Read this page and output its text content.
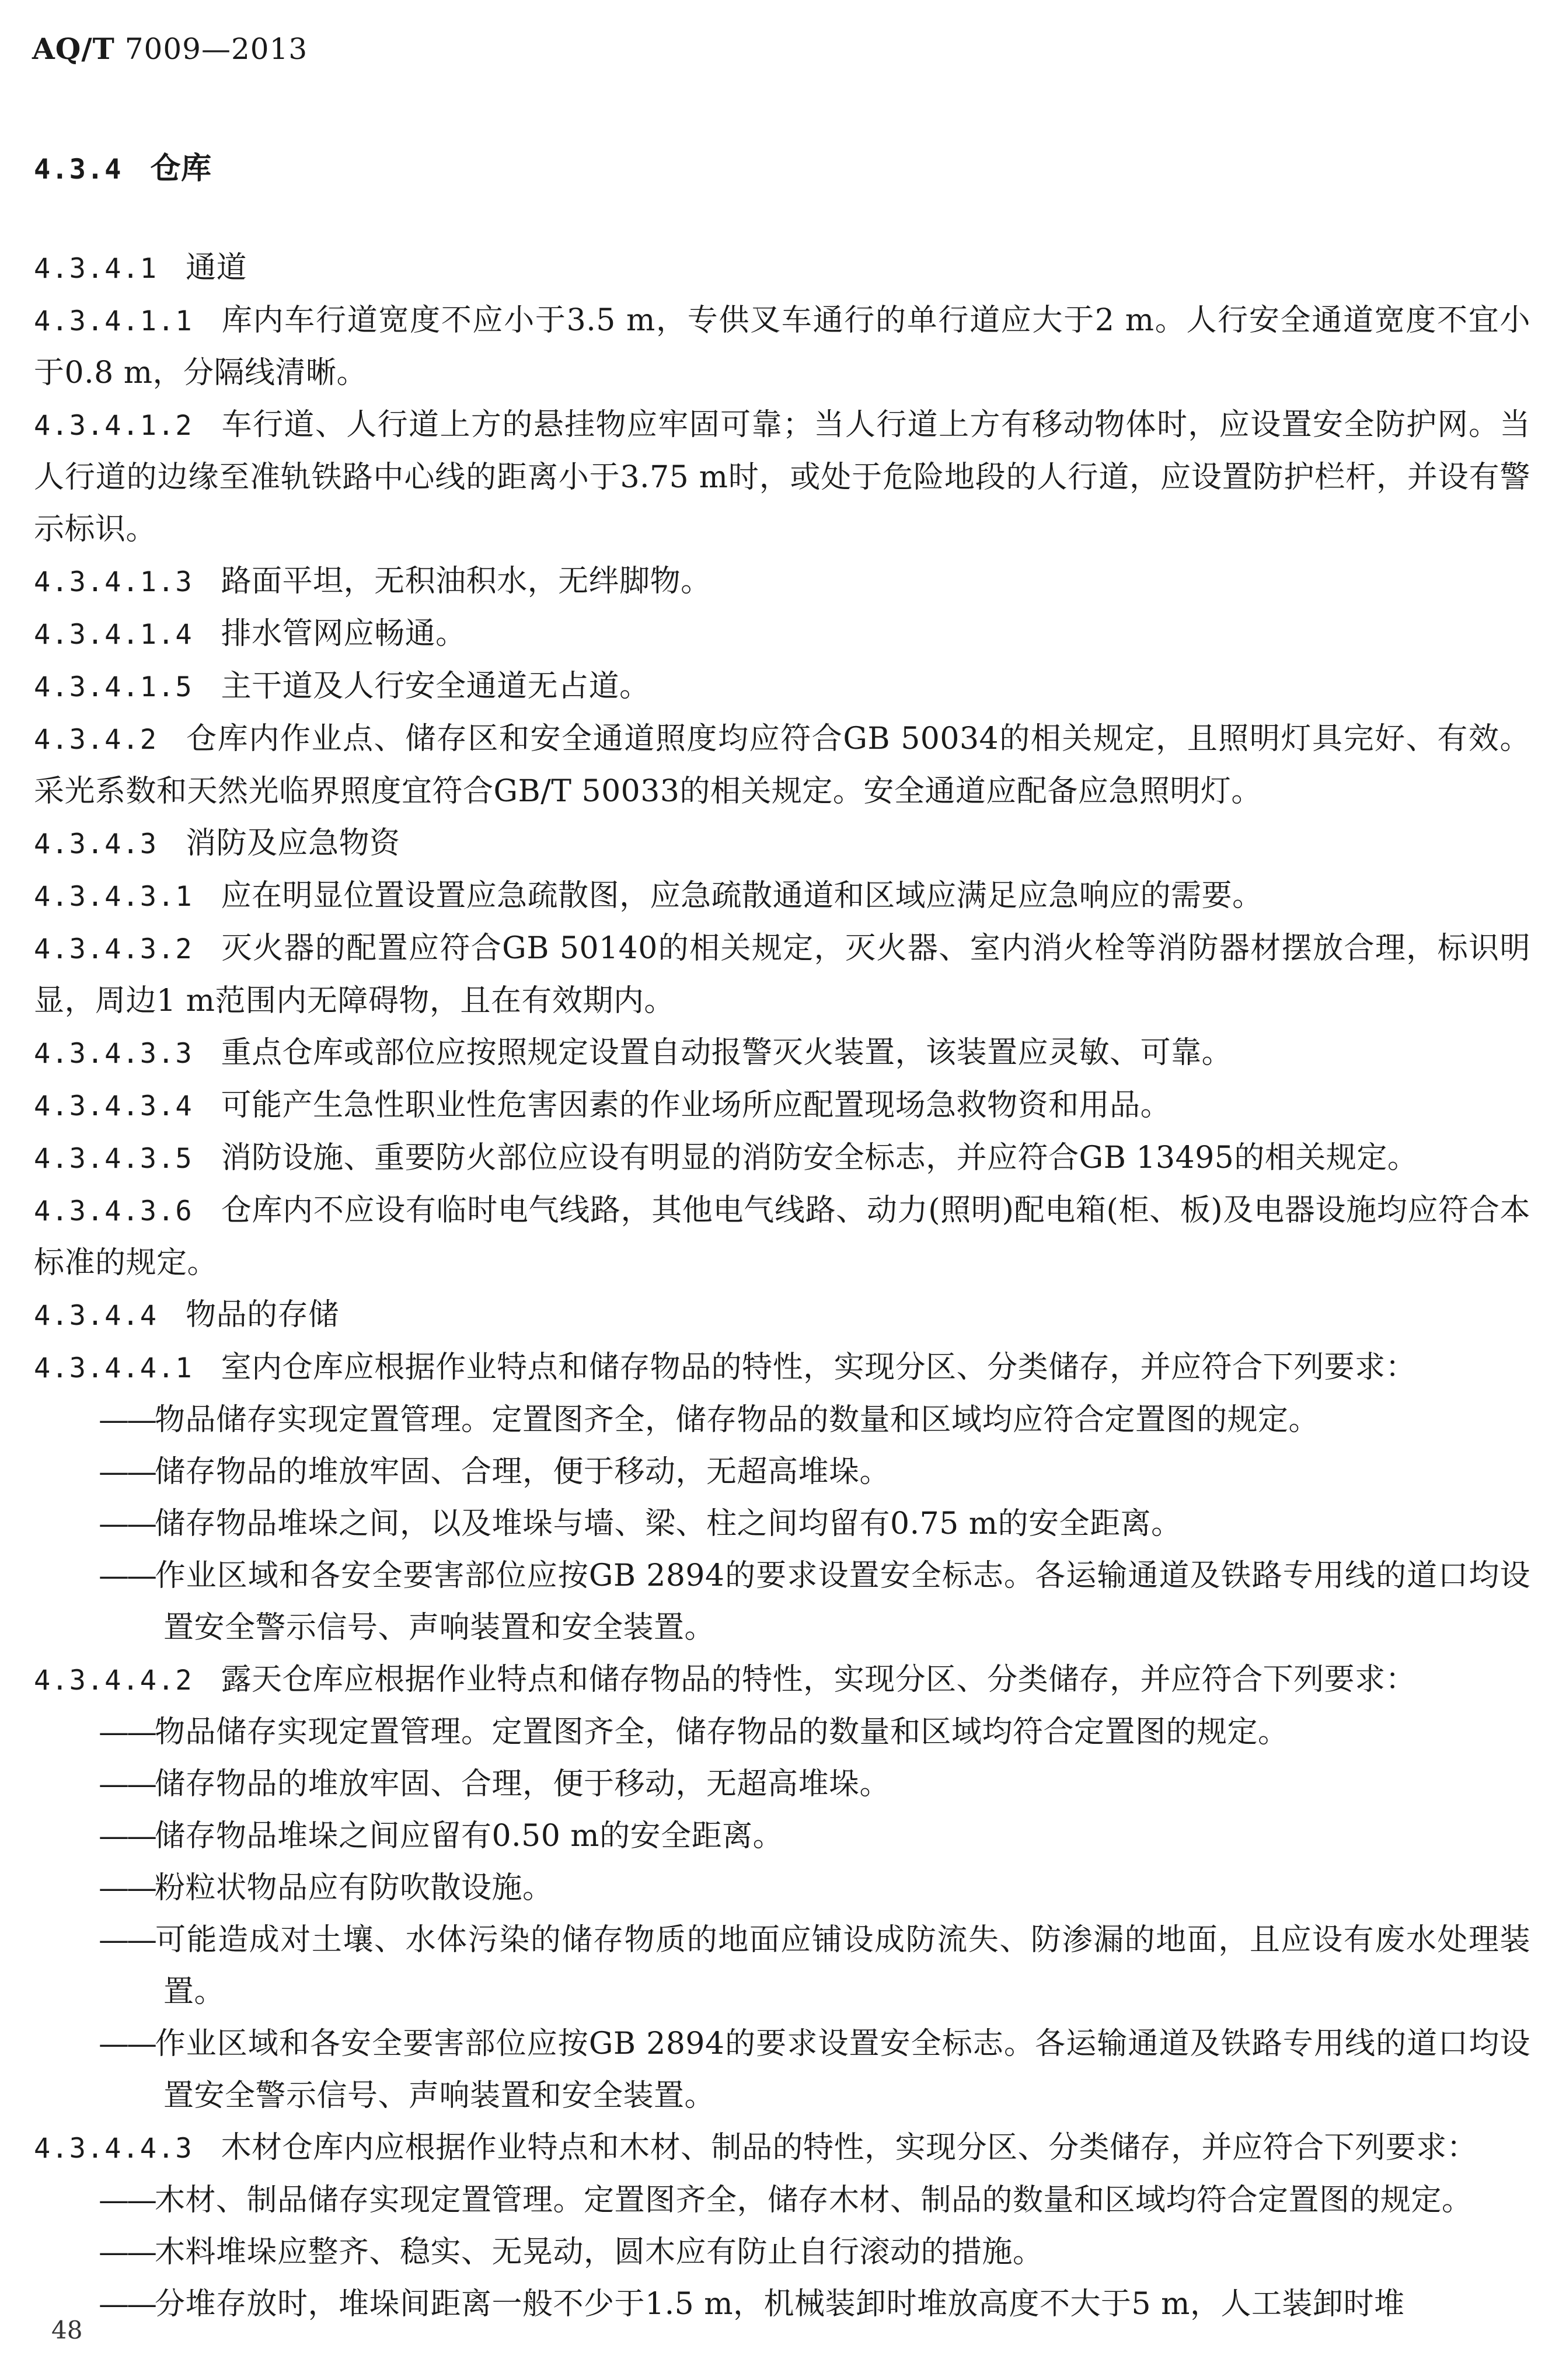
AQ/T 7009—2013

4.3.4 仓库

4.3.4.1 通道

4.3.4.1.1 库内车行道宽度不应小于3.5 m，专供叉车通行的单行道应大于2 m。人行安全通道宽度不宜小于0.8 m，分隔线清晰。

4.3.4.1.2 车行道、人行道上方的悬挂物应牢固可靠；当人行道上方有移动物体时，应设置安全防护网。当人行道的边缘至准轨铁路中心线的距离小于3.75 m时，或处于危险地段的人行道，应设置防护栏杆，并设有警示标识。

4.3.4.1.3 路面平坦，无积油积水，无绊脚物。

4.3.4.1.4 排水管网应畅通。

4.3.4.1.5 主干道及人行安全通道无占道。

4.3.4.2 仓库内作业点、储存区和安全通道照度均应符合GB 50034的相关规定，且照明灯具完好、有效。采光系数和天然光临界照度宜符合GB/T 50033的相关规定。安全通道应配备应急照明灯。

4.3.4.3 消防及应急物资

4.3.4.3.1 应在明显位置设置应急疏散图，应急疏散通道和区域应满足应急响应的需要。

4.3.4.3.2 灭火器的配置应符合GB 50140的相关规定，灭火器、室内消火栓等消防器材摆放合理，标识明显，周边1 m范围内无障碍物，且在有效期内。

4.3.4.3.3 重点仓库或部位应按照规定设置自动报警灭火装置，该装置应灵敏、可靠。

4.3.4.3.4 可能产生急性职业性危害因素的作业场所应配置现场急救物资和用品。

4.3.4.3.5 消防设施、重要防火部位应设有明显的消防安全标志，并应符合GB 13495的相关规定。

4.3.4.3.6 仓库内不应设有临时电气线路，其他电气线路、动力(照明)配电箱(柜、板)及电器设施均应符合本标准的规定。

4.3.4.4 物品的存储

4.3.4.4.1 室内仓库应根据作业特点和储存物品的特性，实现分区、分类储存，并应符合下列要求：

——物品储存实现定置管理。定置图齐全，储存物品的数量和区域均应符合定置图的规定。

——储存物品的堆放牢固、合理，便于移动，无超高堆垛。

——储存物品堆垛之间，以及堆垛与墙、梁、柱之间均留有0.75 m的安全距离。

——作业区域和各安全要害部位应按GB 2894的要求设置安全标志。各运输通道及铁路专用线的道口均设置安全警示信号、声响装置和安全装置。

4.3.4.4.2 露天仓库应根据作业特点和储存物品的特性，实现分区、分类储存，并应符合下列要求：

——物品储存实现定置管理。定置图齐全，储存物品的数量和区域均符合定置图的规定。

——储存物品的堆放牢固、合理，便于移动，无超高堆垛。

——储存物品堆垛之间应留有0.50 m的安全距离。

——粉粒状物品应有防吹散设施。

——可能造成对土壤、水体污染的储存物质的地面应铺设成防流失、防渗漏的地面，且应设有废水处理装置。

——作业区域和各安全要害部位应按GB 2894的要求设置安全标志。各运输通道及铁路专用线的道口均设置安全警示信号、声响装置和安全装置。

4.3.4.4.3 木材仓库内应根据作业特点和木材、制品的特性，实现分区、分类储存，并应符合下列要求：

——木材、制品储存实现定置管理。定置图齐全，储存木材、制品的数量和区域均符合定置图的规定。

——木料堆垛应整齐、稳实、无晃动，圆木应有防止自行滚动的措施。

——分堆存放时，堆垛间距离一般不少于1.5 m，机械装卸时堆放高度不大于5 m，人工装卸时堆

48
